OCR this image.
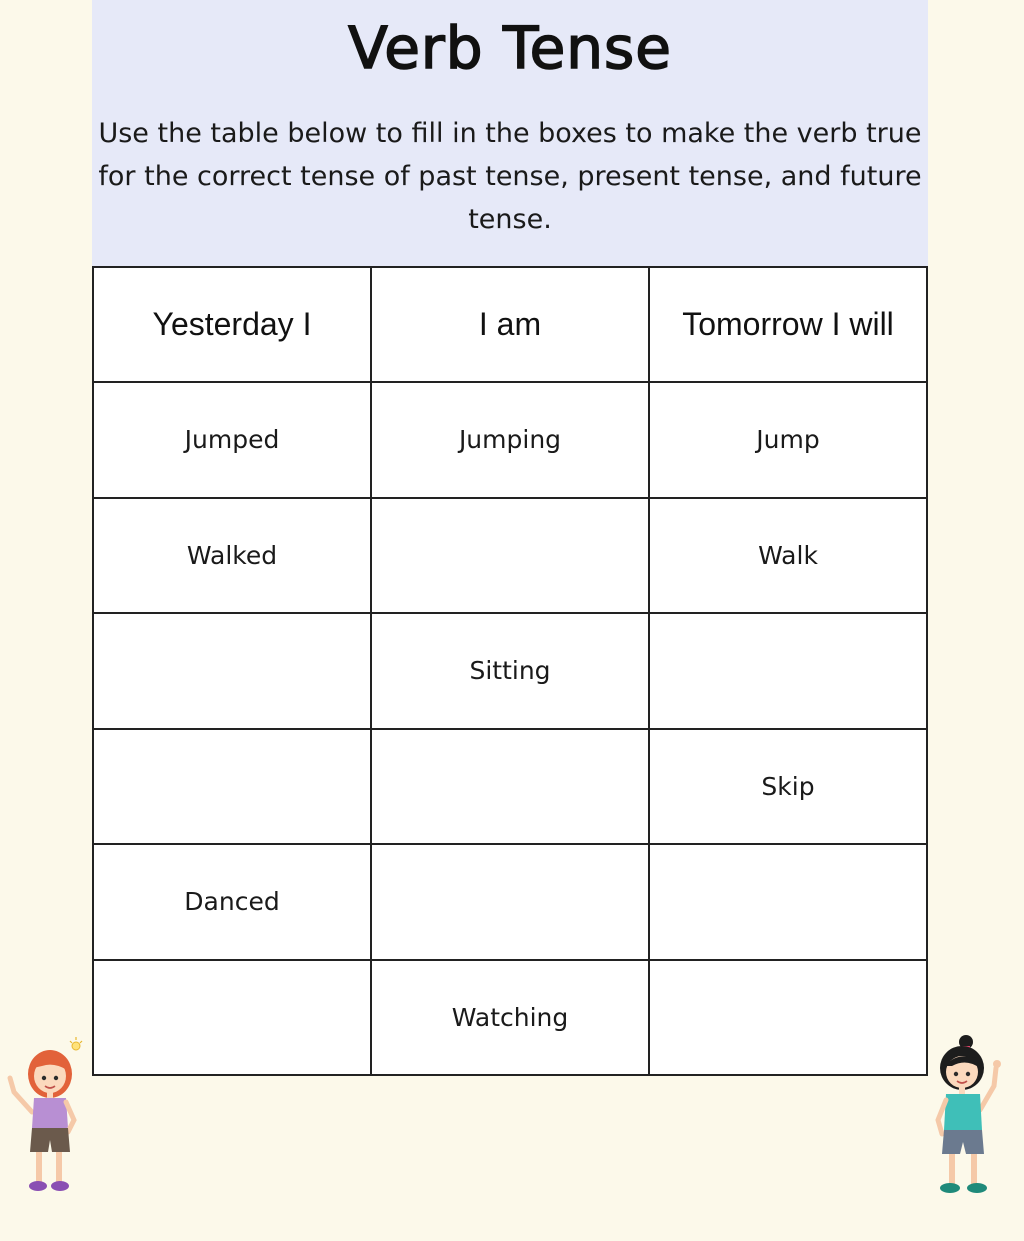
Verb Tense

Use the table below to fill in the boxes to make the verb true for the correct tense of past tense, present tense, and future tense.

Yesterday I	I am	Tomorrow I will
Jumped	Jumping	Jump
Walked		Walk
	Sitting	
		Skip
Danced		
	Watching	
